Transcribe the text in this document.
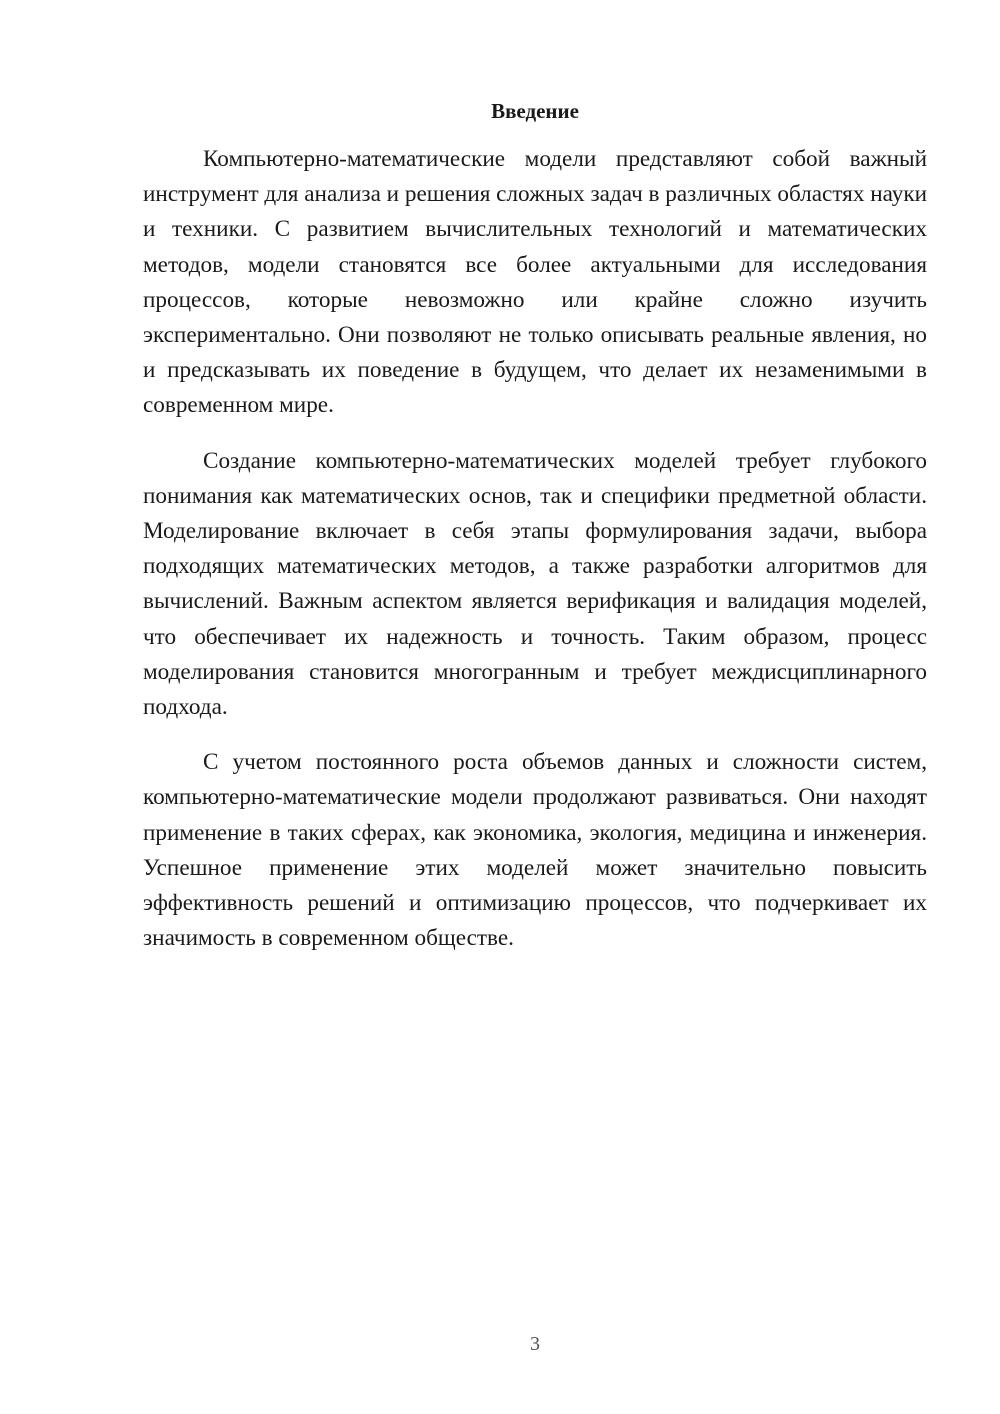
Введение

Компьютерно-математические модели представляют собой важный инструмент для анализа и решения сложных задач в различных областях науки и техники. С развитием вычислительных технологий и математических методов, модели становятся все более актуальными для исследования процессов, которые невозможно или крайне сложно изучить экспериментально. Они позволяют не только описывать реальные явления, но и предсказывать их поведение в будущем, что делает их незаменимыми в современном мире.

Создание компьютерно-математических моделей требует глубокого понимания как математических основ, так и специфики предметной области. Моделирование включает в себя этапы формулирования задачи, выбора подходящих математических методов, а также разработки алгоритмов для вычислений. Важным аспектом является верификация и валидация моделей, что обеспечивает их надежность и точность. Таким образом, процесс моделирования становится многогранным и требует междисциплинарного подхода.

С учетом постоянного роста объемов данных и сложности систем, компьютерно-математические модели продолжают развиваться. Они находят применение в таких сферах, как экономика, экология, медицина и инженерия. Успешное применение этих моделей может значительно повысить эффективность решений и оптимизацию процессов, что подчеркивает их значимость в современном обществе.

3
